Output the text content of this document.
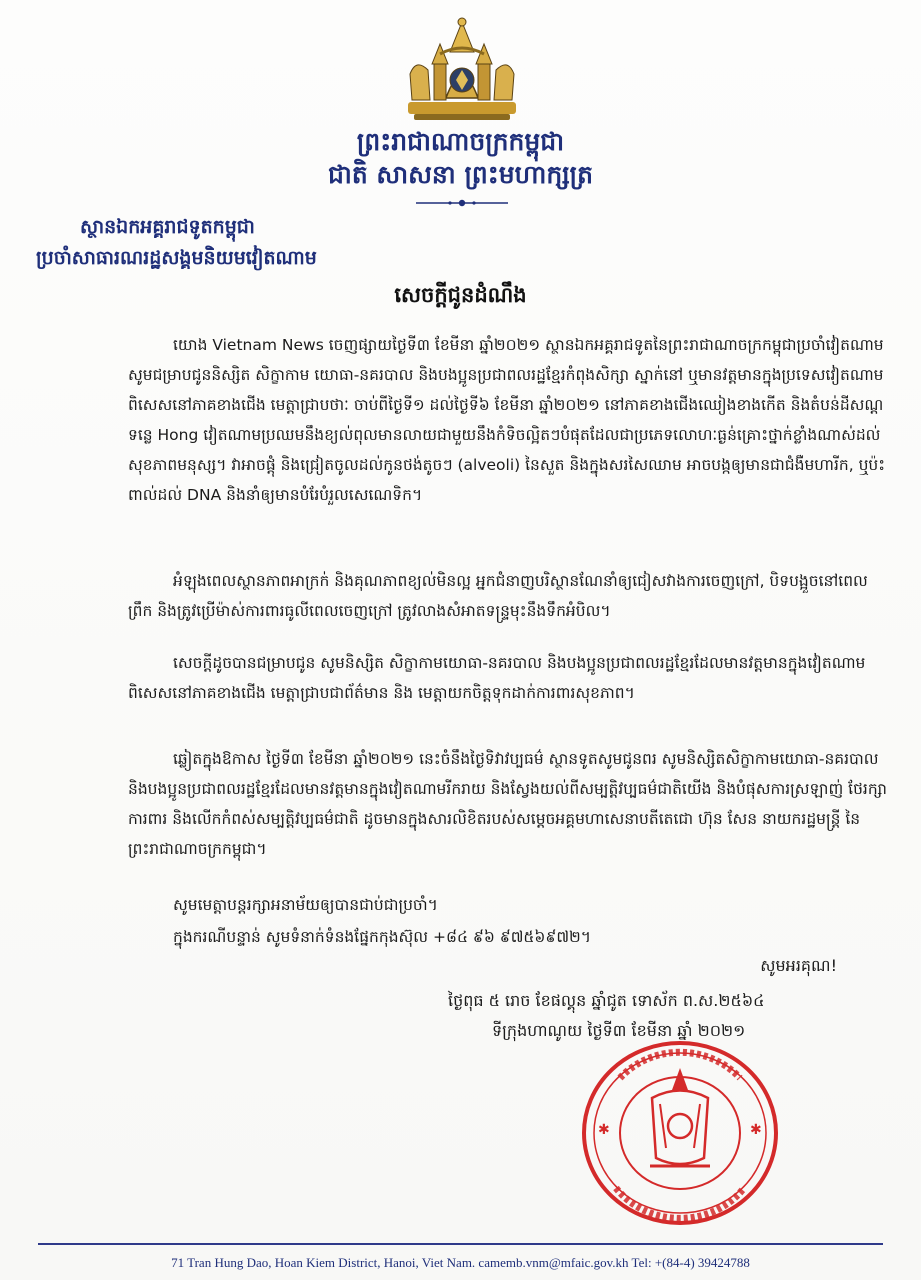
ព្រះរាជាណាចក្រកម្ពុជា
ជាតិ សាសនា ព្រះមហាក្សត្រ
ស្ថានឯកអគ្គរាជទូតកម្ពុជា
ប្រចាំសាធារណរដ្ឋសង្គមនិយមវៀតណាម
សេចក្តីជូនដំណឹង
យោង Vietnam News ចេញផ្សាយថ្ងៃទី៣ ខែមីនា ឆ្នាំ២០២១ ស្ថានឯកអគ្គរាជទូតនៃព្រះរាជាណាចក្រកម្ពុជាប្រចាំវៀតណាម សូមជម្រាបជូននិស្សិត សិក្ខាកាម យោធា-នគរបាល និងបងប្អូនប្រជាពលរដ្ឋខ្មែរកំពុងសិក្សា ស្នាក់នៅ ឬមានវត្តមានក្នុងប្រទេសវៀតណាម ពិសេសនៅភាគខាងជើង មេត្តាជ្រាបថាៈ ចាប់ពីថ្ងៃទី១ ដល់ថ្ងៃទី៦ ខែមីនា ឆ្នាំ២០២១ នៅភាគខាងជើងឈៀងខាងកើត និងតំបន់ដីសណ្តទន្លេ Hong វៀតណាមប្រឈមនឹងខ្យល់ពុលមានលាយជាមួយនឹងកំទិចល្អិតៗបំផុតដែលជាប្រភេទលោហៈធ្ងន់គ្រោះថ្នាក់ខ្លាំងណាស់ដល់សុខភាពមនុស្ស។ វាអាចផ្ដុំ និងជ្រៀតចូលដល់កូនថង់តូចៗ (alveoli) នៃសួត និងក្នុងសរសៃឈាម អាចបង្កឲ្យមានជាជំងឺមហារីក, ឬប៉ះពាល់ដល់ DNA និងនាំឲ្យមានបំរែបំរួលសេណេទិក។
អំឡុងពេលស្ថានភាពអាក្រក់ និងគុណភាពខ្យល់មិនល្អ អ្នកជំនាញបរិស្ថានណែនាំឲ្យជៀសវាងការចេញក្រៅ, បិទបង្អួចនៅពេលព្រឹក និងត្រូវប្រើម៉ាស់ការពារធូលីពេលចេញក្រៅ ត្រូវលាងសំអាតទន្ទ្រមុះនឹងទឹកអំបិល។
សេចក្ដីដូចបានជម្រាបជូន សូមនិស្សិត សិក្ខាកាមយោធា-នគរបាល និងបងប្អូនប្រជាពលរដ្ឋខ្មែរដែលមានវត្តមានក្នុងវៀតណាម ពិសេសនៅភាគខាងជើង មេត្តាជ្រាបជាព័ត៌មាន និង មេត្តាយកចិត្តទុកដាក់ការពារសុខភាព។
ឆ្លៀតក្នុងឱកាស ថ្ងៃទី៣ ខែមីនា ឆ្នាំ២០២១ នេះចំនឹងថ្ងៃទិវាវប្បធម៌ ស្ថានទូតសូមជូនពរ សូមនិស្សិតសិក្ខាកាមយោធា-នគរបាល និងបងប្អូនប្រជាពលរដ្ឋខ្មែរដែលមានវត្តមានក្នុងវៀតណាមរីករាយ និងស្វែងយល់ពីសម្បត្តិវប្បធម៌ជាតិយើង និងបំផុសការស្រឡាញ់ ថែរក្សា ការពារ និងលើកកំពស់សម្បត្តិវប្បធម៌ជាតិ ដូចមានក្នុងសារលិខិតរបស់សម្ដេចអគ្គមហាសេនាបតីតេជោ ហ៊ុន សែន នាយករដ្ឋមន្ត្រី នៃព្រះរាជាណាចក្រកម្ពុជា។
សូមមេត្តាបន្តរក្សាអនាម័យឲ្យបានជាប់ជាប្រចាំ។
ក្នុងករណីបន្ទាន់ សូមទំនាក់ទំនងផ្នែកកុងស៊ុល +៨៤ ៩៦ ៩៧៥៦៩៧២។
សូមអរគុណ!
ថ្ងៃពុធ ៥ រោច ខែផល្គុន ឆ្នាំជូត ទោស័ក ព.ស.២៥៦៤
ទីក្រុងហាណូយ ថ្ងៃទី៣ ខែមីនា ឆ្នាំ ២០២១
✱	✱
71 Tran Hung Dao, Hoan Kiem District, Hanoi, Viet Nam. camemb.vnm@mfaic.gov.kh Tel: +(84-4) 39424788
